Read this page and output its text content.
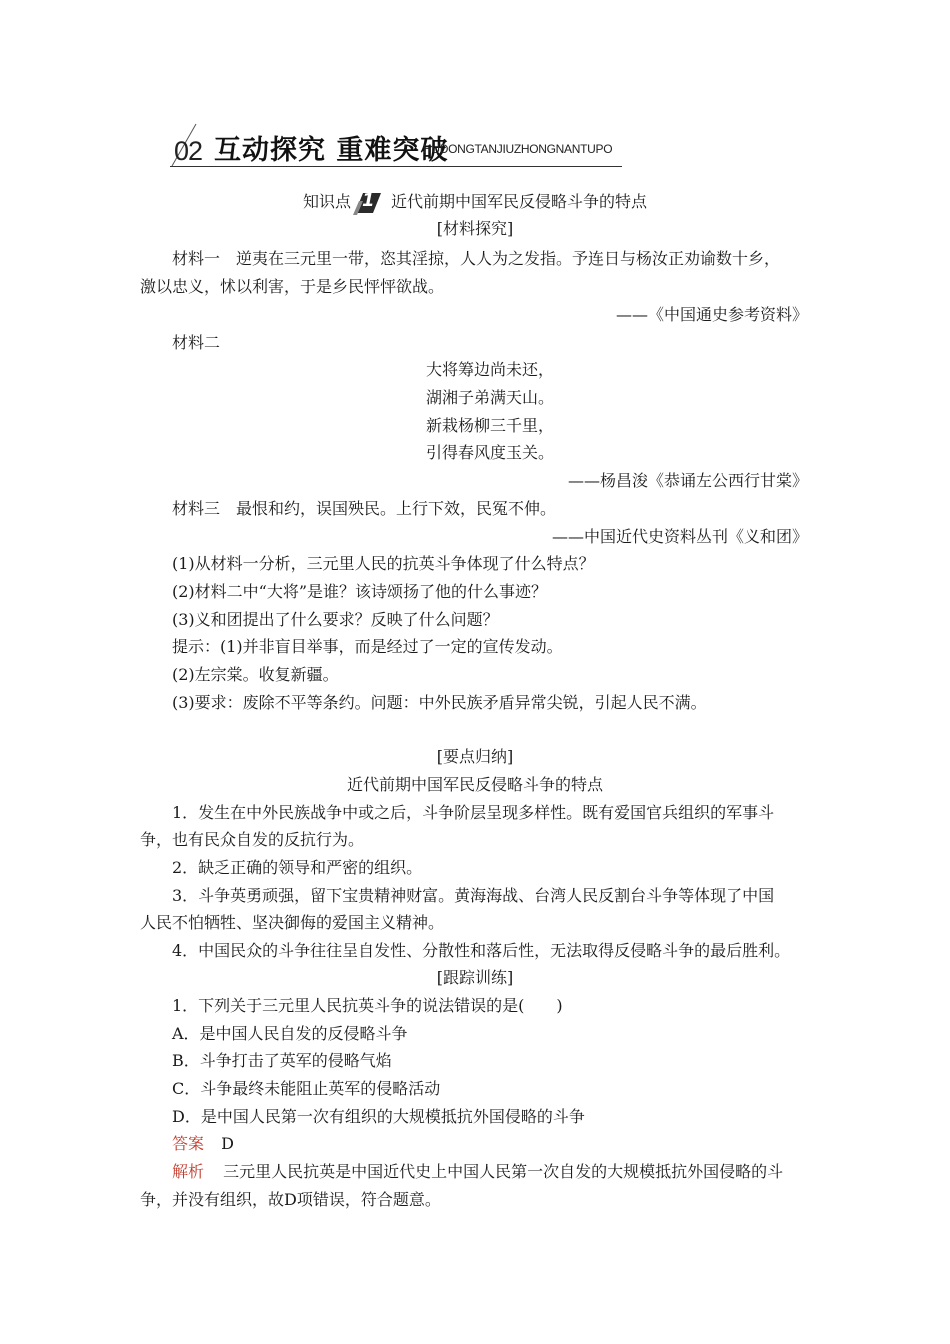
02 互动探究 重难突破
HUDONGTANJIUZHONGNANTUPO
知识点 1 近代前期中国军民反侵略斗争的特点
[材料探究]
材料一　逆夷在三元里一带，恣其淫掠，人人为之发指。予连日与杨汝正劝谕数十乡，
激以忠义，怵以利害，于是乡民怦怦欲战。
——《中国通史参考资料》
材料二
大将筹边尚未还，
湖湘子弟满天山。
新栽杨柳三千里，
引得春风度玉关。
——杨昌浚《恭诵左公西行甘棠》
材料三　最恨和约，误国殃民。上行下效，民冤不伸。
——中国近代史资料丛刊《义和团》
(1)从材料一分析，三元里人民的抗英斗争体现了什么特点？
(2)材料二中“大将”是谁？该诗颂扬了他的什么事迹？
(3)义和团提出了什么要求？反映了什么问题？
提示：(1)并非盲目举事，而是经过了一定的宣传发动。
(2)左宗棠。收复新疆。
(3)要求：废除不平等条约。问题：中外民族矛盾异常尖锐，引起人民不满。
[要点归纳]
近代前期中国军民反侵略斗争的特点
1．发生在中外民族战争中或之后，斗争阶层呈现多样性。既有爱国官兵组织的军事斗
争，也有民众自发的反抗行为。
2．缺乏正确的领导和严密的组织。
3．斗争英勇顽强，留下宝贵精神财富。黄海海战、台湾人民反割台斗争等体现了中国
人民不怕牺牲、坚决御侮的爱国主义精神。
4．中国民众的斗争往往呈自发性、分散性和落后性，无法取得反侵略斗争的最后胜利。
[跟踪训练]
1．下列关于三元里人民抗英斗争的说法错误的是(　　)
A．是中国人民自发的反侵略斗争
B．斗争打击了英军的侵略气焰
C．斗争最终未能阻止英军的侵略活动
D．是中国人民第一次有组织的大规模抵抗外国侵略的斗争
答案 D
解析 三元里人民抗英是中国近代史上中国人民第一次自发的大规模抵抗外国侵略的斗
争，并没有组织，故D项错误，符合题意。
